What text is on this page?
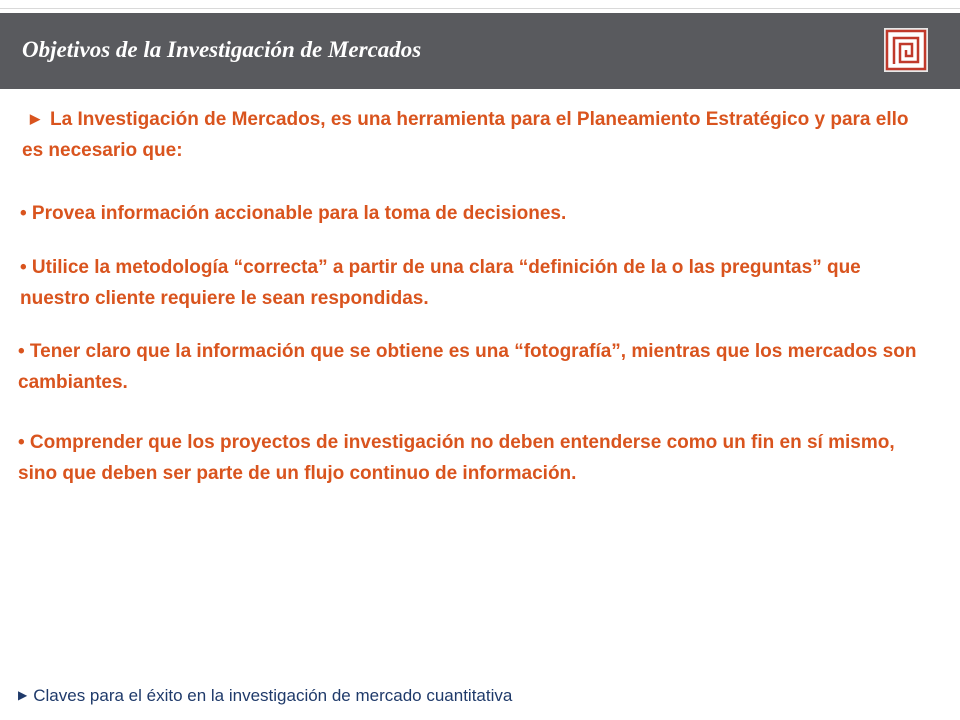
Objetivos de la Investigación de Mercados

▶ La Investigación de Mercados, es una herramienta para el Planeamiento Estratégico y para ello es necesario que:

• Provea información accionable para la toma de decisiones.

• Utilice la metodología “correcta” a partir de una clara “definición de la o las preguntas” que nuestro cliente requiere le sean respondidas.

• Tener claro que la información que se obtiene es una “fotografía”, mientras que los mercados son cambiantes.

• Comprender que los proyectos de investigación no deben entenderse como un fin en sí mismo, sino que deben ser parte de un flujo continuo de información.

▶ Claves para el éxito en la investigación de mercado cuantitativa
